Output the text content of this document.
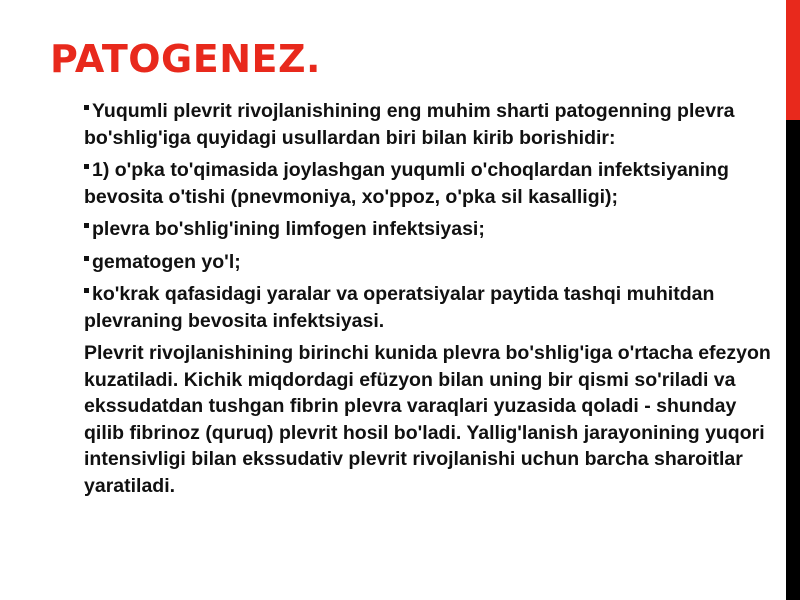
PATOGENEZ.
Yuqumli plevrit rivojlanishining eng muhim sharti patogenning plevra bo'shlig'iga quyidagi usullardan biri bilan kirib borishidir:
1) o'pka to'qimasida joylashgan yuqumli o'choqlardan infektsiyaning bevosita o'tishi (pnevmoniya, xo'ppoz, o'pka sil kasalligi);
plevra bo'shlig'ining limfogen infektsiyasi;
gematogen yo'l;
ko'krak qafasidagi yaralar va operatsiyalar paytida tashqi muhitdan plevraning bevosita infektsiyasi.

Plevrit rivojlanishining birinchi kunida plevra bo'shlig'iga o'rtacha efezyon kuzatiladi. Kichik miqdordagi efüzyon bilan uning bir qismi so'riladi va ekssudatdan tushgan fibrin plevra varaqlari yuzasida qoladi - shunday qilib fibrinoz (quruq) plevrit hosil bo'ladi. Yallig'lanish jarayonining yuqori intensivligi bilan ekssudativ plevrit rivojlanishi uchun barcha sharoitlar yaratiladi.
